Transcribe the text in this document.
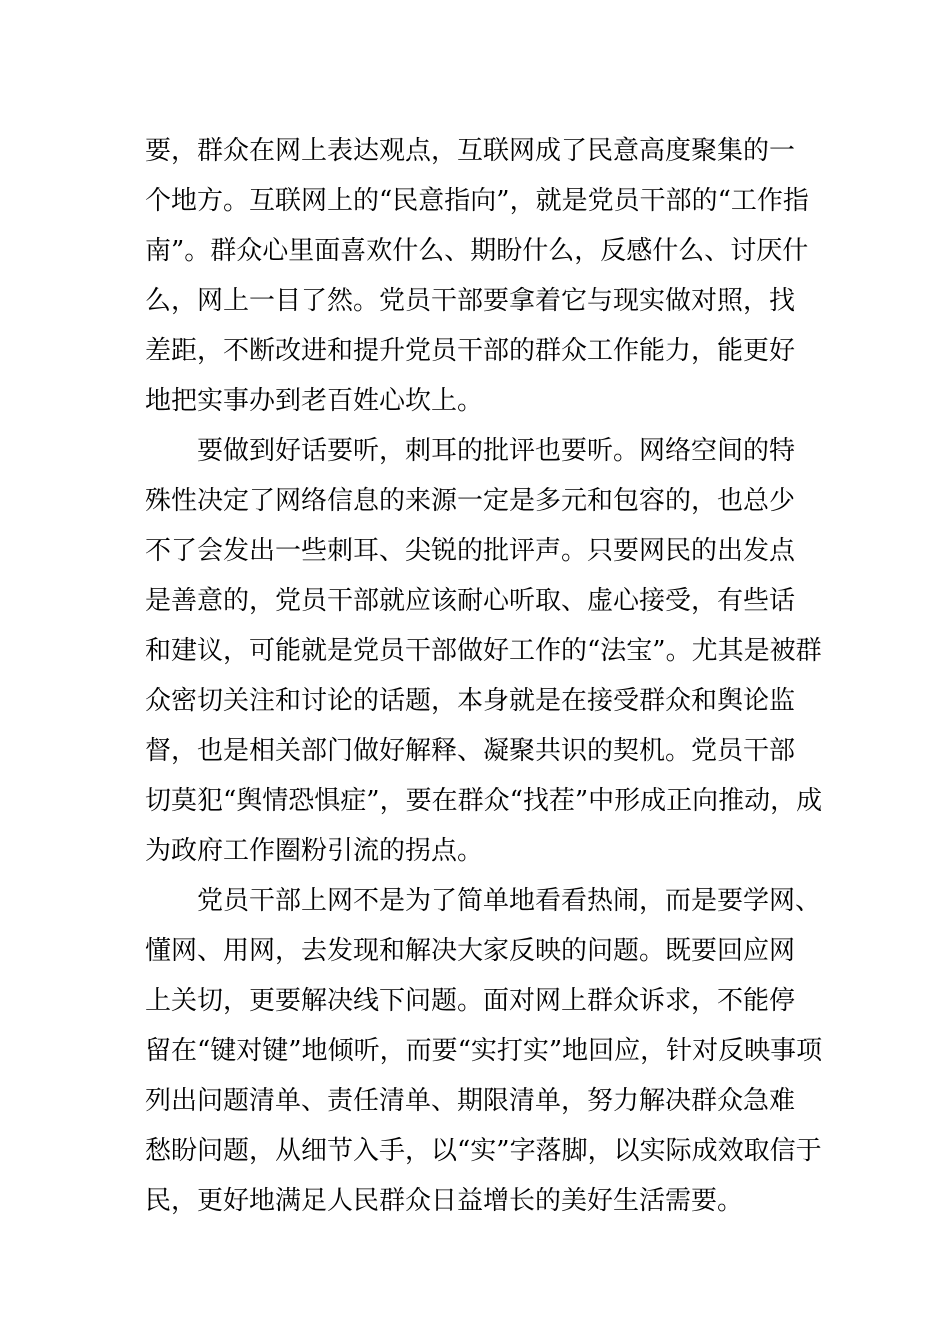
要，群众在网上表达观点，互联网成了民意高度聚集的一
个地方。互联网上的“民意指向”，就是党员干部的“工作指
南”。群众心里面喜欢什么、期盼什么，反感什么、讨厌什
么，网上一目了然。党员干部要拿着它与现实做对照，找
差距，不断改进和提升党员干部的群众工作能力，能更好
地把实事办到老百姓心坎上。
要做到好话要听，刺耳的批评也要听。网络空间的特
殊性决定了网络信息的来源一定是多元和包容的，也总少
不了会发出一些刺耳、尖锐的批评声。只要网民的出发点
是善意的，党员干部就应该耐心听取、虚心接受，有些话
和建议，可能就是党员干部做好工作的“法宝”。尤其是被群
众密切关注和讨论的话题，本身就是在接受群众和舆论监
督，也是相关部门做好解释、凝聚共识的契机。党员干部
切莫犯“舆情恐惧症”，要在群众“找茬”中形成正向推动，成
为政府工作圈粉引流的拐点。
党员干部上网不是为了简单地看看热闹，而是要学网、
懂网、用网，去发现和解决大家反映的问题。既要回应网
上关切，更要解决线下问题。面对网上群众诉求，不能停
留在“键对键”地倾听，而要“实打实”地回应，针对反映事项
列出问题清单、责任清单、期限清单，努力解决群众急难
愁盼问题，从细节入手，以“实”字落脚，以实际成效取信于
民，更好地满足人民群众日益增长的美好生活需要。
